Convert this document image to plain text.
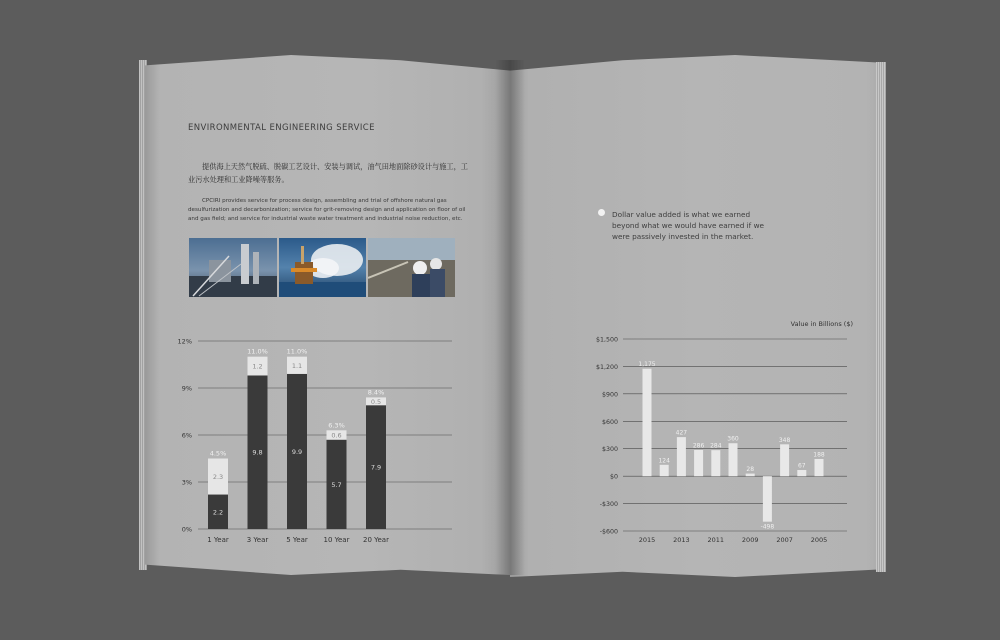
ENVIRONMENTAL ENGINEERING SERVICE
提供海上天然气脱硫、脱碳工艺设计、安装与调试，油气田地面除砂设计与施工，工业污水处理和工业降噪等服务。
CPCIRI provides service for process design, assembling and trial of offshore natural gas desulfurization and decarbonization; service for grit-removing design and application on floor of oil and gas field; and service for industrial waste water treatment and industrial noise reduction, etc.
0%
3%
6%
9%
12%
2.2
2.3
4.5%
1 Year
9.8
1.2
11.0%
3 Year
9.9
1.1
11.0%
5 Year
5.7
0.6
6.3%
10 Year
7.9
0.5
8.4%
20 Year
Dollar value added is what we earned beyond what we would have earned if we were passively invested in the market.
Value in Billions ($)
-$600
-$300
$0
$300
$600
$900
$1,200
$1,500
1,175
124
427
286 284
360
28
-498
348
67
188
2015	2013	2011	2009	2007	2005
